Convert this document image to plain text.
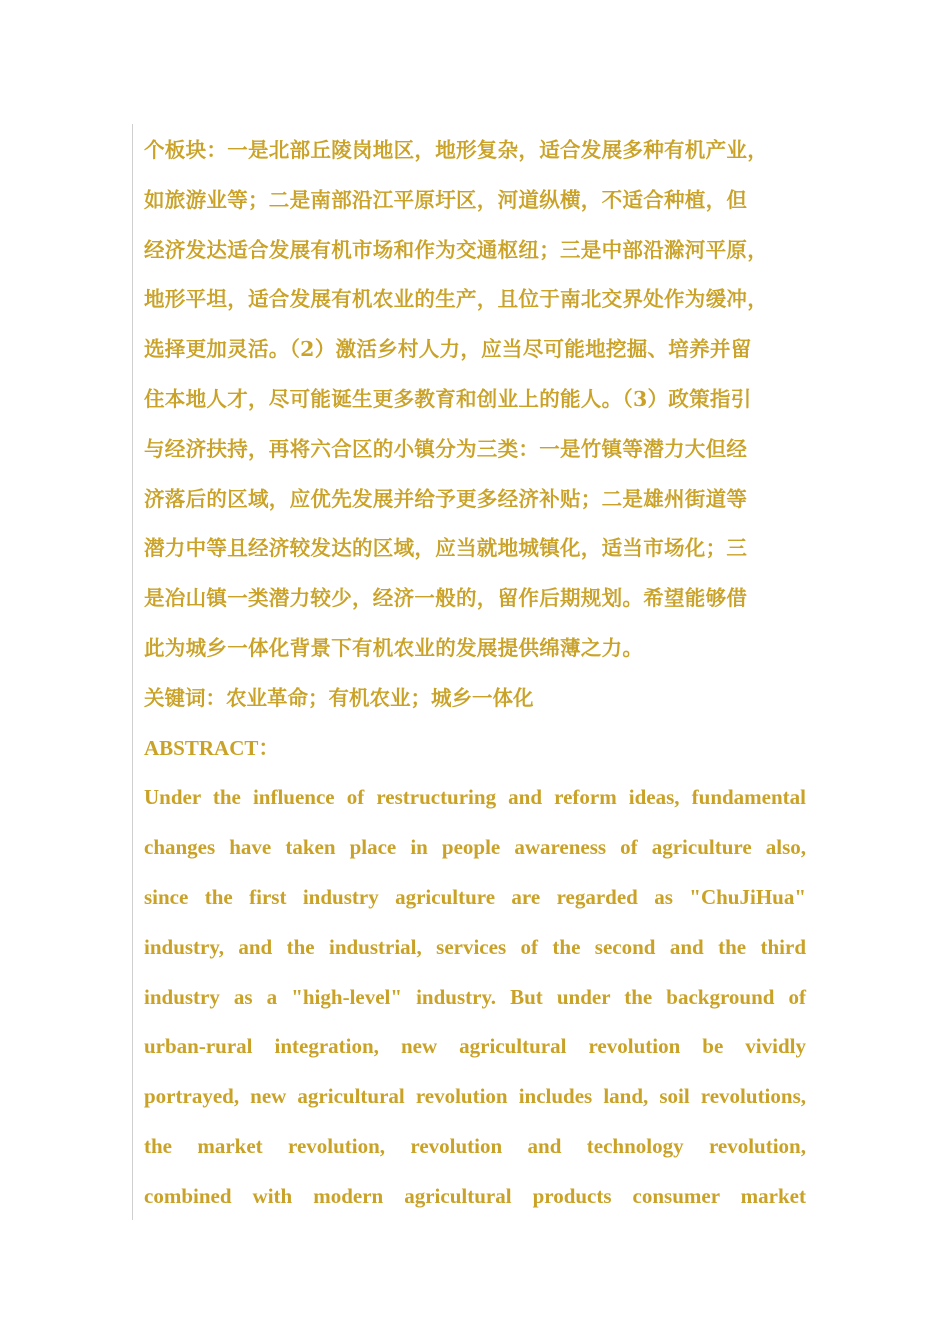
个板块：一是北部丘陵岗地区，地形复杂，适合发展多种有机产业，
如旅游业等；二是南部沿江平原圩区，河道纵横，不适合种植，但
经济发达适合发展有机市场和作为交通枢纽；三是中部沿滁河平原，
地形平坦，适合发展有机农业的生产，且位于南北交界处作为缓冲，
选择更加灵活。（2）激活乡村人力，应当尽可能地挖掘、培养并留
住本地人才，尽可能诞生更多教育和创业上的能人。（3）政策指引
与经济扶持，再将六合区的小镇分为三类：一是竹镇等潜力大但经
济落后的区域，应优先发展并给予更多经济补贴；二是雄州街道等
潜力中等且经济较发达的区域，应当就地城镇化，适当市场化；三
是冶山镇一类潜力较少，经济一般的，留作后期规划。希望能够借
此为城乡一体化背景下有机农业的发展提供绵薄之力。
关键词：农业革命；有机农业；城乡一体化
ABSTRACT：
Under the influence of restructuring and reform ideas, fundamental
changes have taken place in people awareness of agriculture also,
since the first industry agriculture are regarded as "ChuJiHua"
industry, and the industrial, services of the second and the third
industry as a "high-level" industry. But under the background of
urban-rural integration, new agricultural revolution be vividly
portrayed, new agricultural revolution includes land, soil revolutions,
the market revolution, revolution and technology revolution,
combined with modern agricultural products consumer market
